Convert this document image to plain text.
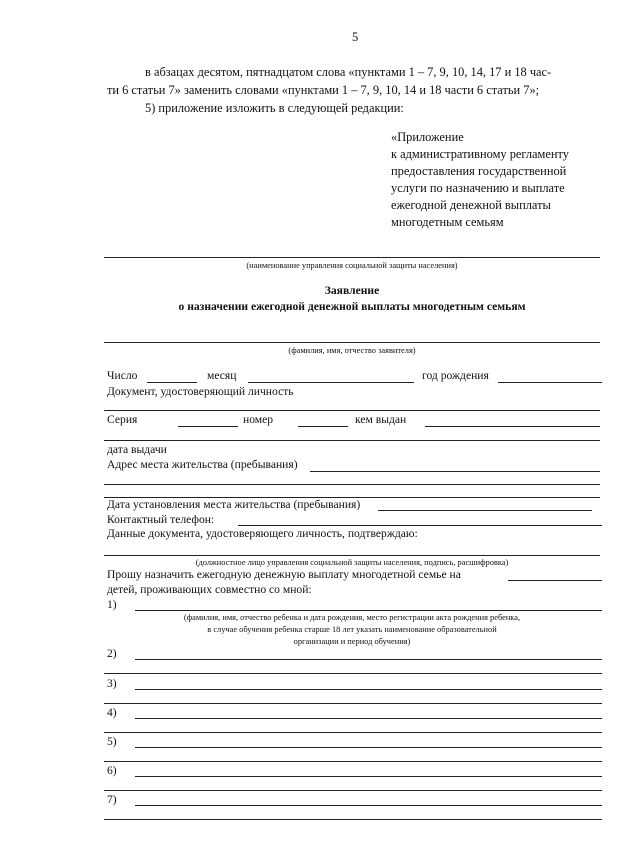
5
в абзацах десятом, пятнадцатом слова «пунктами 1 – 7, 9, 10, 14, 17 и 18 час-
ти 6 статьи 7» заменить словами «пунктами 1 – 7, 9, 10, 14 и 18 части 6 статьи 7»;
5) приложение изложить в следующей редакции:
«Приложение
к административному регламенту
предоставления государственной
услуги по назначению и выплате
ежегодной денежной выплаты
многодетным семьям
(наименование управления социальной защиты населения)
Заявление
о назначении ежегодной денежной выплаты многодетным семьям
(фамилия, имя, отчество заявителя)
Число	месяц	год рождения
Документ, удостоверяющий личность
Серия	номер	кем выдан
дата выдачи
Адрес места жительства (пребывания)
Дата установления места жительства (пребывания)
Контактный телефон:
Данные документа, удостоверяющего личность, подтверждаю:
(должностное лицо управления социальной защиты населения, подпись, расшифровка)
Прошу назначить ежегодную денежную выплату многодетной семье на
детей, проживающих совместно со мной:
1)
(фамилия, имя, отчество ребенка и дата рождения, место регистрации акта рождения ребенка,
в случае обучения ребенка старше 18 лет указать наименование образовательной
организации и период обучения)
2)
3)
4)
5)
6)
7)
